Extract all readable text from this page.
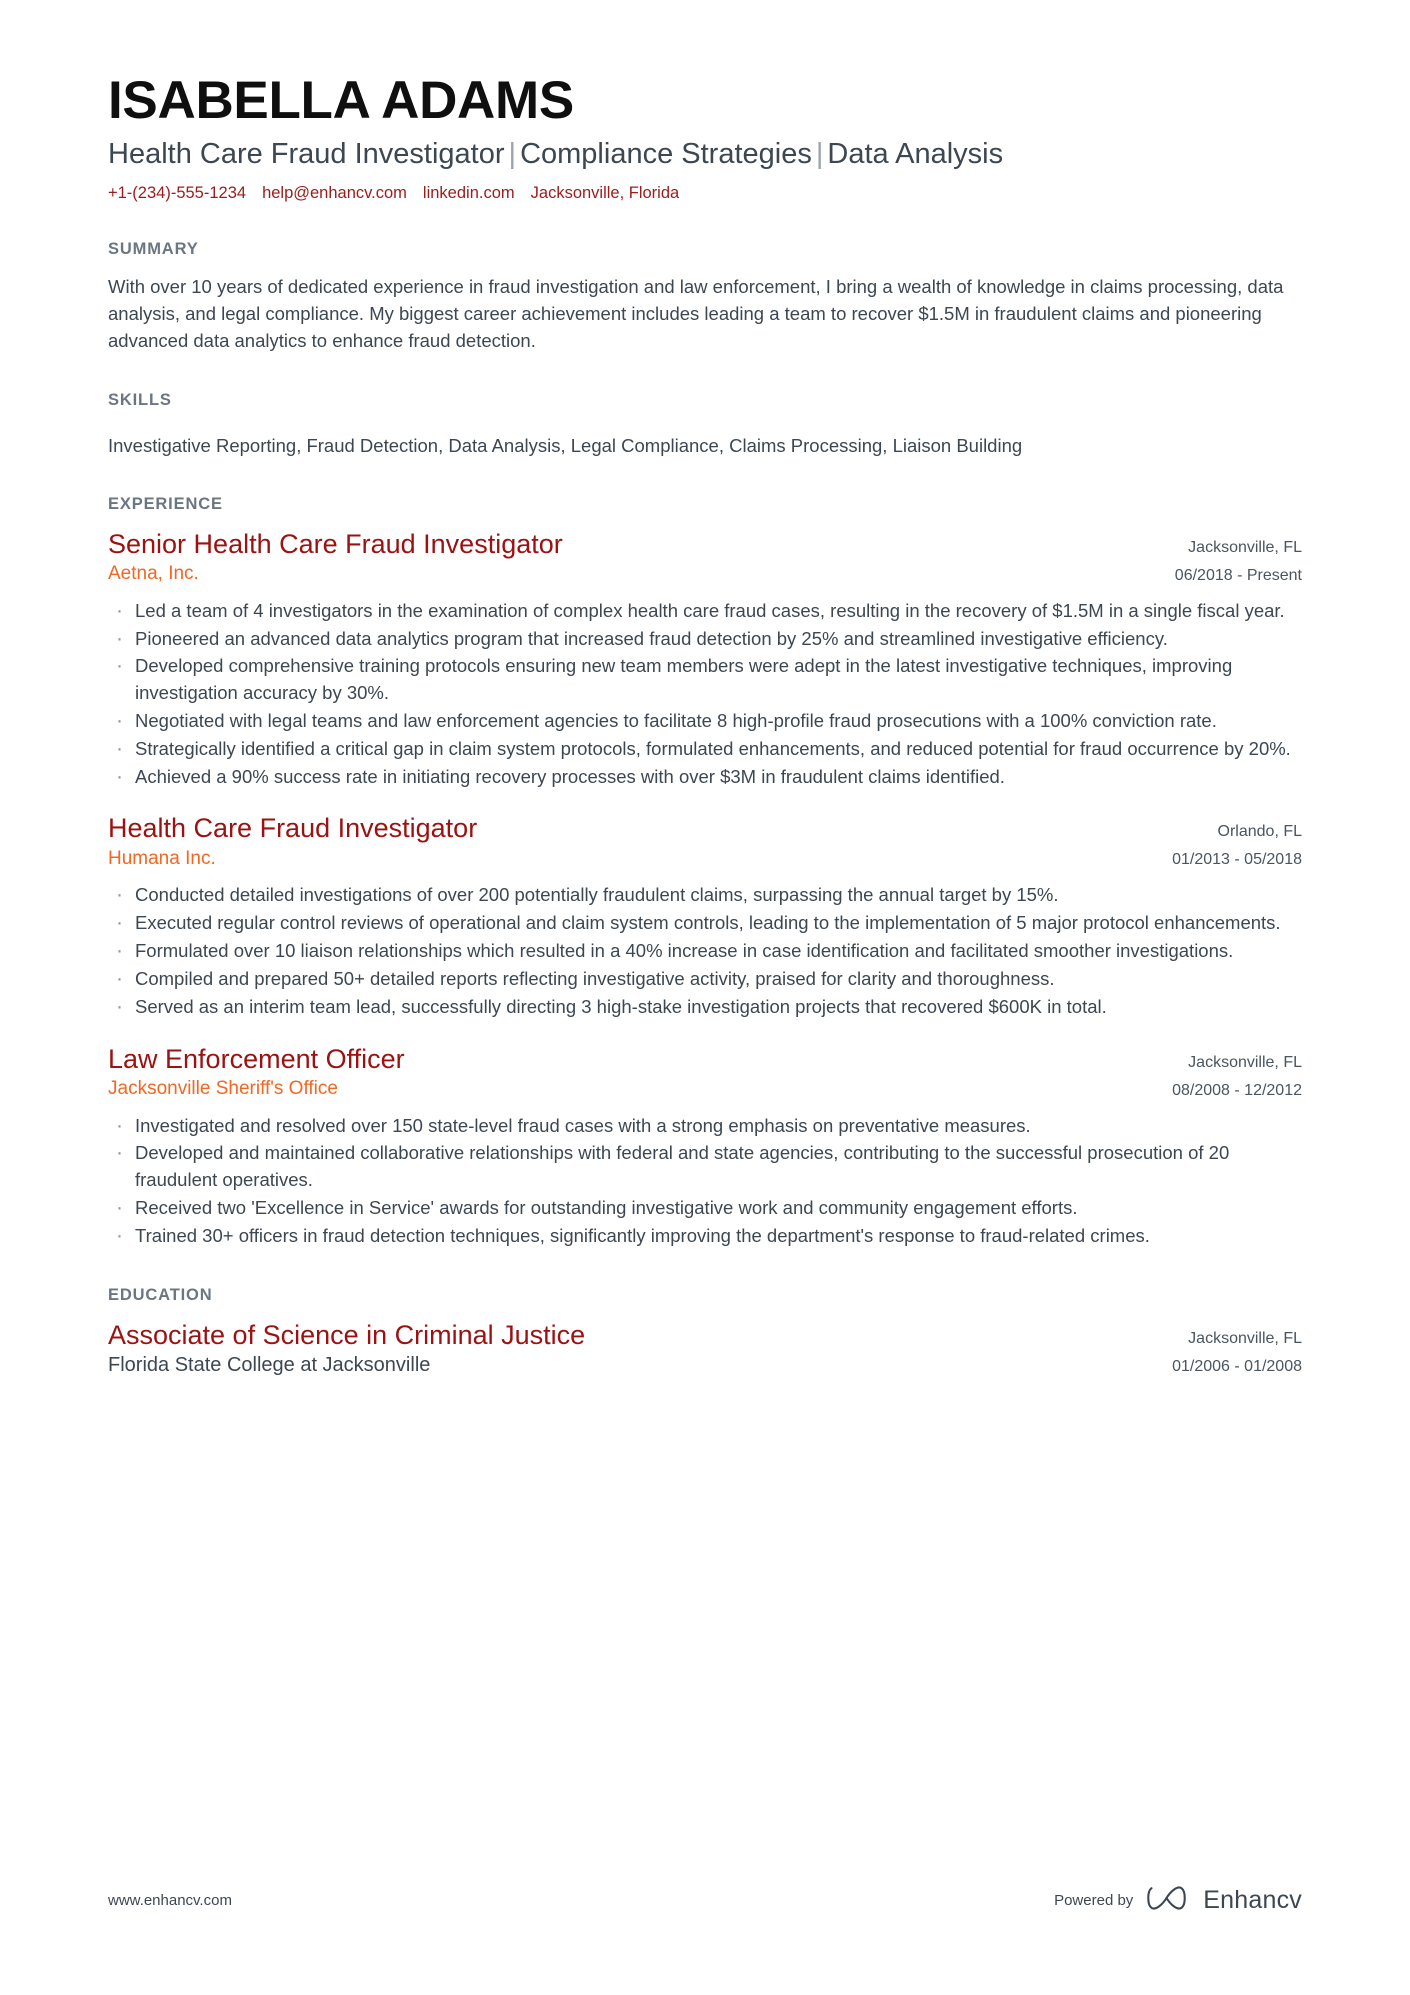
ISABELLA ADAMS
Health Care Fraud Investigator | Compliance Strategies | Data Analysis
+1-(234)-555-1234 help@enhancv.com linkedin.com Jacksonville, Florida
SUMMARY

With over 10 years of dedicated experience in fraud investigation and law enforcement, I bring a wealth of knowledge in claims processing, data analysis, and legal compliance. My biggest career achievement includes leading a team to recover $1.5M in fraudulent claims and pioneering advanced data analytics to enhance fraud detection.

SKILLS

Investigative Reporting, Fraud Detection, Data Analysis, Legal Compliance, Claims Processing, Liaison Building

EXPERIENCE
Senior Health Care Fraud Investigator
Aetna, Inc.
Jacksonville, FL
06/2018 - Present
· Led a team of 4 investigators in the examination of complex health care fraud cases, resulting in the recovery of $1.5M in a single fiscal year.
· Pioneered an advanced data analytics program that increased fraud detection by 25% and streamlined investigative efficiency.
· Developed comprehensive training protocols ensuring new team members were adept in the latest investigative techniques, improving investigation accuracy by 30%.
· Negotiated with legal teams and law enforcement agencies to facilitate 8 high-profile fraud prosecutions with a 100% conviction rate.
· Strategically identified a critical gap in claim system protocols, formulated enhancements, and reduced potential for fraud occurrence by 20%.
· Achieved a 90% success rate in initiating recovery processes with over $3M in fraudulent claims identified.
Health Care Fraud Investigator
Humana Inc.
Orlando, FL
01/2013 - 05/2018
· Conducted detailed investigations of over 200 potentially fraudulent claims, surpassing the annual target by 15%.
· Executed regular control reviews of operational and claim system controls, leading to the implementation of 5 major protocol enhancements.
· Formulated over 10 liaison relationships which resulted in a 40% increase in case identification and facilitated smoother investigations.
· Compiled and prepared 50+ detailed reports reflecting investigative activity, praised for clarity and thoroughness.
· Served as an interim team lead, successfully directing 3 high-stake investigation projects that recovered $600K in total.
Law Enforcement Officer
Jacksonville Sheriff's Office
Jacksonville, FL
08/2008 - 12/2012
· Investigated and resolved over 150 state-level fraud cases with a strong emphasis on preventative measures.
· Developed and maintained collaborative relationships with federal and state agencies, contributing to the successful prosecution of 20 fraudulent operatives.
· Received two 'Excellence in Service' awards for outstanding investigative work and community engagement efforts.
· Trained 30+ officers in fraud detection techniques, significantly improving the department's response to fraud-related crimes.
EDUCATION
Associate of Science in Criminal Justice
Florida State College at Jacksonville
Jacksonville, FL
01/2006 - 01/2008
www.enhancv.com	Powered by	Enhancv
